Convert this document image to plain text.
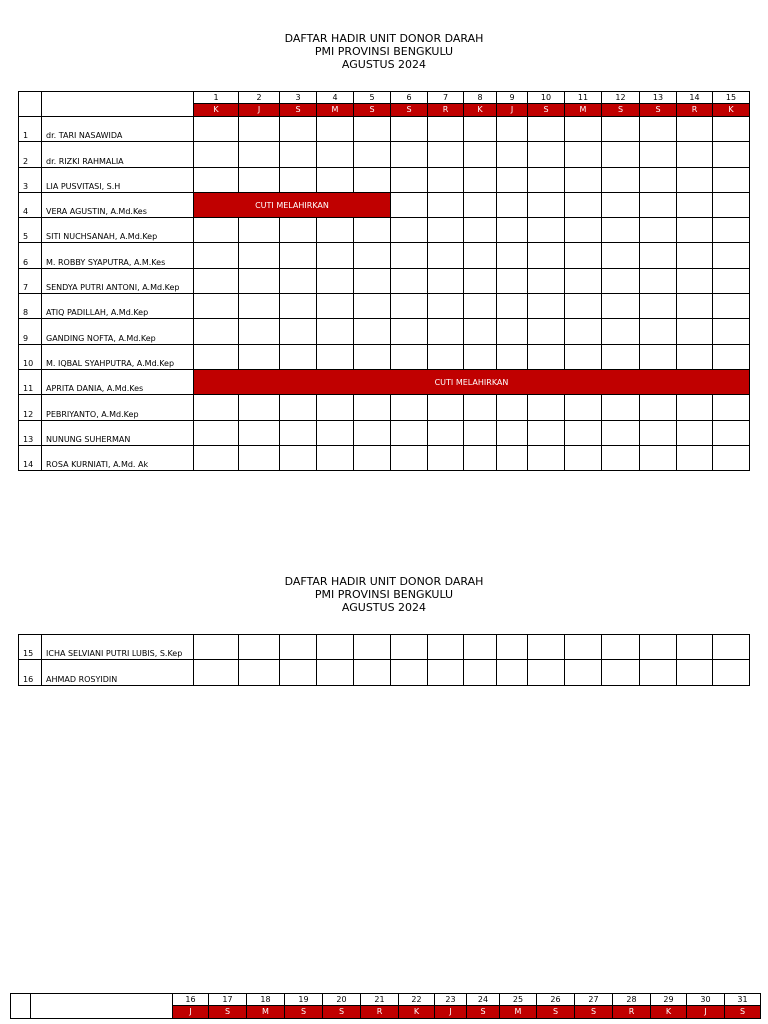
DAFTAR HADIR UNIT DONOR DARAH
PMI PROVINSI BENGKULU
AGUSTUS 2024
		1	2	3	4	5	6	7	8	9	10	11	12	13	14	15
		K	J	S	M	S	S	R	K	J	S	M	S	S	R	K
1	dr. TARI NASAWIDA															
2	dr. RIZKI RAHMALIA															
3	LIA PUSVITASI, S.H															
4	VERA AGUSTIN, A.Md.Kes	CUTI MELAHIRKAN														
5	SITI NUCHSANAH, A.Md.Kep															
6	M. ROBBY SYAPUTRA, A.M.Kes															
7	SENDYA PUTRI ANTONI, A.Md.Kep															
8	ATIQ PADILLAH, A.Md.Kep															
9	GANDING NOFTA, A.Md.Kep															
10	M. IQBAL SYAHPUTRA, A.Md.Kep															
11	APRITA DANIA, A.Md.Kes	CUTI MELAHIRKAN														
12	PEBRIYANTO, A.Md.Kep															
13	NUNUNG SUHERMAN															
14	ROSA KURNIATI, A.Md. Ak															
DAFTAR HADIR UNIT DONOR DARAH
PMI PROVINSI BENGKULU
AGUSTUS 2024
15	ICHA SELVIANI PUTRI LUBIS, S.Kep															
16	AHMAD ROSYIDIN															
		16	17	18	19	20	21	22	23	24	25	26	27	28	29	30	31
		J	S	M	S	S	R	K	J	S	M	S	S	R	K	J	S
